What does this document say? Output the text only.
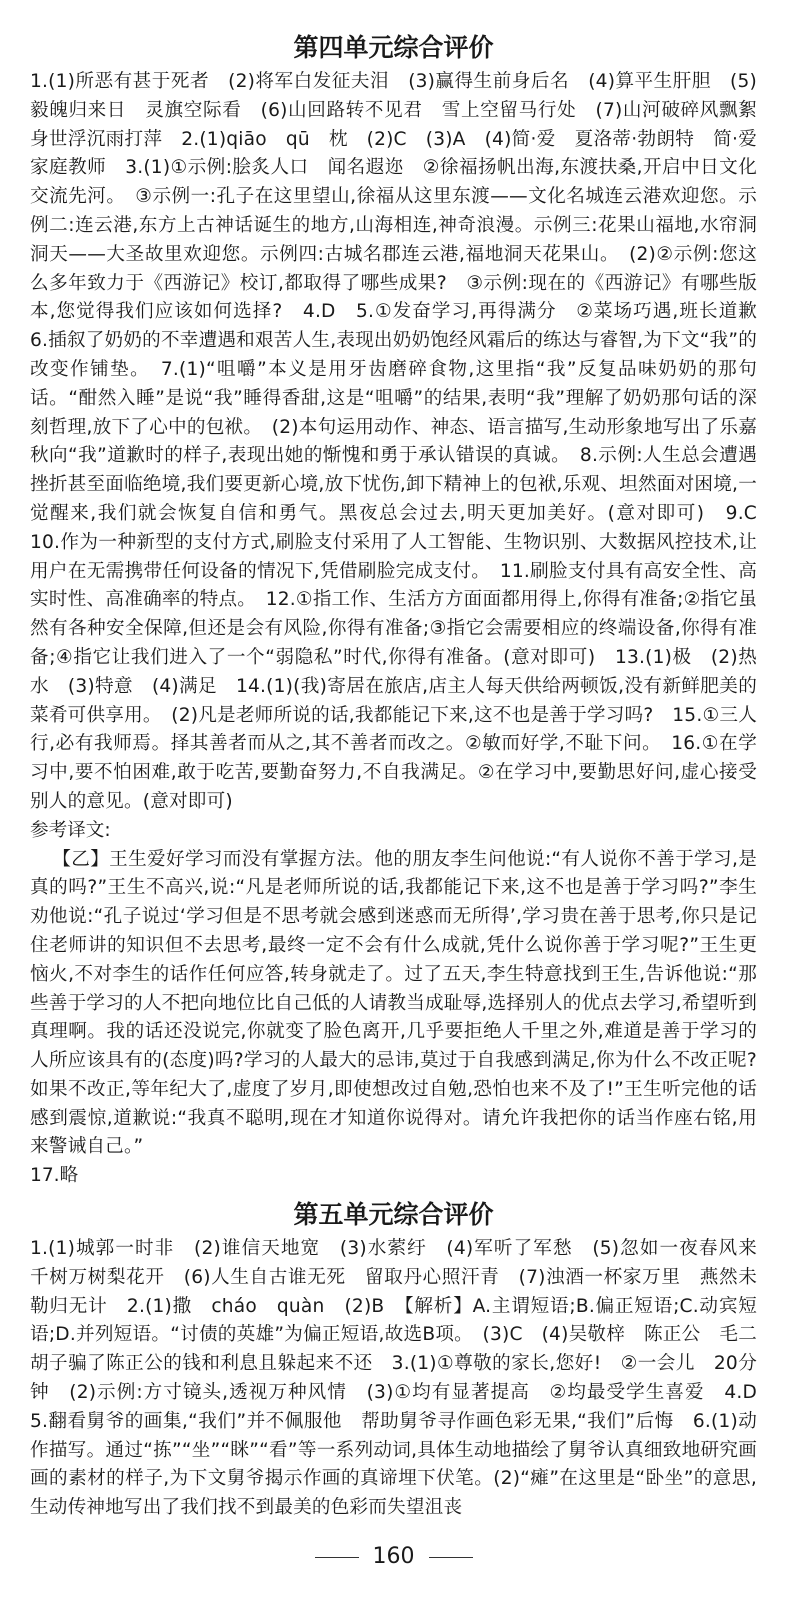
第四单元综合评价

1.(1)所恶有甚于死者　(2)将军白发征夫泪　(3)赢得生前身后名　(4)算平生肝胆　(5)毅魄归来日　灵旗空际看　(6)山回路转不见君　雪上空留马行处　(7)山河破碎风飘絮　身世浮沉雨打萍　2.(1)qiāo　qū　枕　(2)C　(3)A　(4)简·爱　夏洛蒂·勃朗特　简·爱　家庭教师　3.(1)①示例:脍炙人口　闻名遐迩　②徐福扬帆出海,东渡扶桑,开启中日文化交流先河。　③示例一:孔子在这里望山,徐福从这里东渡——文化名城连云港欢迎您。示例二:连云港,东方上古神话诞生的地方,山海相连,神奇浪漫。示例三:花果山福地,水帘洞洞天——大圣故里欢迎您。示例四:古城名郡连云港,福地洞天花果山。　(2)②示例:您这么多年致力于《西游记》校订,都取得了哪些成果?　③示例:现在的《西游记》有哪些版本,您觉得我们应该如何选择?　4.D　5.①发奋学习,再得满分　②菜场巧遇,班长道歉　6.插叙了奶奶的不幸遭遇和艰苦人生,表现出奶奶饱经风霜后的练达与睿智,为下文“我”的改变作铺垫。　7.(1)“咀嚼”本义是用牙齿磨碎食物,这里指“我”反复品味奶奶的那句话。“酣然入睡”是说“我”睡得香甜,这是“咀嚼”的结果,表明“我”理解了奶奶那句话的深刻哲理,放下了心中的包袱。　(2)本句运用动作、神态、语言描写,生动形象地写出了乐嘉秋向“我”道歉时的样子,表现出她的惭愧和勇于承认错误的真诚。　8.示例:人生总会遭遇挫折甚至面临绝境,我们要更新心境,放下忧伤,卸下精神上的包袱,乐观、坦然面对困境,一觉醒来,我们就会恢复自信和勇气。黑夜总会过去,明天更加美好。(意对即可)　9.C　10.作为一种新型的支付方式,刷脸支付采用了人工智能、生物识别、大数据风控技术,让用户在无需携带任何设备的情况下,凭借刷脸完成支付。　11.刷脸支付具有高安全性、高实时性、高准确率的特点。　12.①指工作、生活方方面面都用得上,你得有准备;②指它虽然有各种安全保障,但还是会有风险,你得有准备;③指它会需要相应的终端设备,你得有准备;④指它让我们进入了一个“弱隐私”时代,你得有准备。(意对即可)　13.(1)极　(2)热水　(3)特意　(4)满足　14.(1)(我)寄居在旅店,店主人每天供给两顿饭,没有新鲜肥美的菜肴可供享用。　(2)凡是老师所说的话,我都能记下来,这不也是善于学习吗?　15.①三人行,必有我师焉。择其善者而从之,其不善者而改之。②敏而好学,不耻下问。　16.①在学习中,要不怕困难,敢于吃苦,要勤奋努力,不自我满足。②在学习中,要勤思好问,虚心接受别人的意见。(意对即可)

参考译文:

【乙】王生爱好学习而没有掌握方法。他的朋友李生问他说:“有人说你不善于学习,是真的吗?”王生不高兴,说:“凡是老师所说的话,我都能记下来,这不也是善于学习吗?”李生劝他说:“孔子说过‘学习但是不思考就会感到迷惑而无所得’,学习贵在善于思考,你只是记住老师讲的知识但不去思考,最终一定不会有什么成就,凭什么说你善于学习呢?”王生更恼火,不对李生的话作任何应答,转身就走了。过了五天,李生特意找到王生,告诉他说:“那些善于学习的人不把向地位比自己低的人请教当成耻辱,选择别人的优点去学习,希望听到真理啊。我的话还没说完,你就变了脸色离开,几乎要拒绝人千里之外,难道是善于学习的人所应该具有的(态度)吗?学习的人最大的忌讳,莫过于自我感到满足,你为什么不改正呢?如果不改正,等年纪大了,虚度了岁月,即使想改过自勉,恐怕也来不及了!”王生听完他的话感到震惊,道歉说:“我真不聪明,现在才知道你说得对。请允许我把你的话当作座右铭,用来警诫自己。”

17.略

第五单元综合评价

1.(1)城郭一时非　(2)谁信天地宽　(3)水萦纡　(4)军听了军愁　(5)忽如一夜春风来　千树万树梨花开　(6)人生自古谁无死　留取丹心照汗青　(7)浊酒一杯家万里　燕然未勒归无计　2.(1)撒　cháo　quàn　(2)B　【解析】A.主谓短语;B.偏正短语;C.动宾短语;D.并列短语。“讨债的英雄”为偏正短语,故选B项。　(3)C　(4)吴敬梓　陈正公　毛二胡子骗了陈正公的钱和利息且躲起来不还　3.(1)①尊敬的家长,您好!　②一会儿　20分钟　(2)示例:方寸镜头,透视万种风情　(3)①均有显著提高　②均最受学生喜爱　4.D　5.翻看舅爷的画集,“我们”并不佩服他　帮助舅爷寻作画色彩无果,“我们”后悔　6.(1)动作描写。通过“拣”“坐”“眯”“看”等一系列动词,具体生动地描绘了舅爷认真细致地研究画画的素材的样子,为下文舅爷揭示作画的真谛埋下伏笔。(2)“瘫”在这里是“卧坐”的意思,生动传神地写出了我们找不到最美的色彩而失望沮丧

160
